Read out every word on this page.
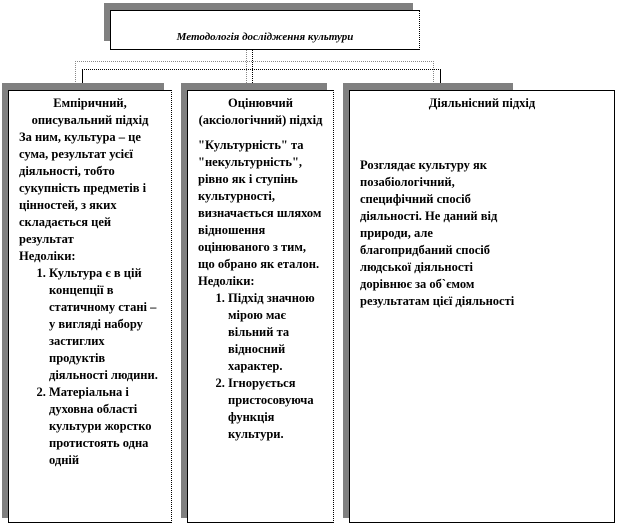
Методологія дослідження культури

Емпіричний, описувальний підхід

За ним, культура – це сума, результат усієї діяльності, тобто сукупність предметів і цінностей, з яких складається цей результат

Недоліки:

1. Культура є в цій концепції в статичному стані – у вигляді набору застиглих продуктів діяльності людини.
2. Матеріальна і духовна області культури жорстко протистоять одна одній

Оцінювчий (аксіологічний) підхід

"Культурність" та "некультурність", рівно як і ступінь культурності, визначається шляхом відношення оцінюваного з тим, що обрано як еталон.

Недоліки:

1. Підхід значною мірою має вільний та відносний характер.
2. Ігнорується пристосовуюча функція культури.

Діяльнісний підхід

Розглядає культуру як позабіологічний, специфічний спосіб діяльності. Не даний від природи, але благопридбаний спосіб людської діяльності дорівнює за об`ємом результатам цієї діяльності
